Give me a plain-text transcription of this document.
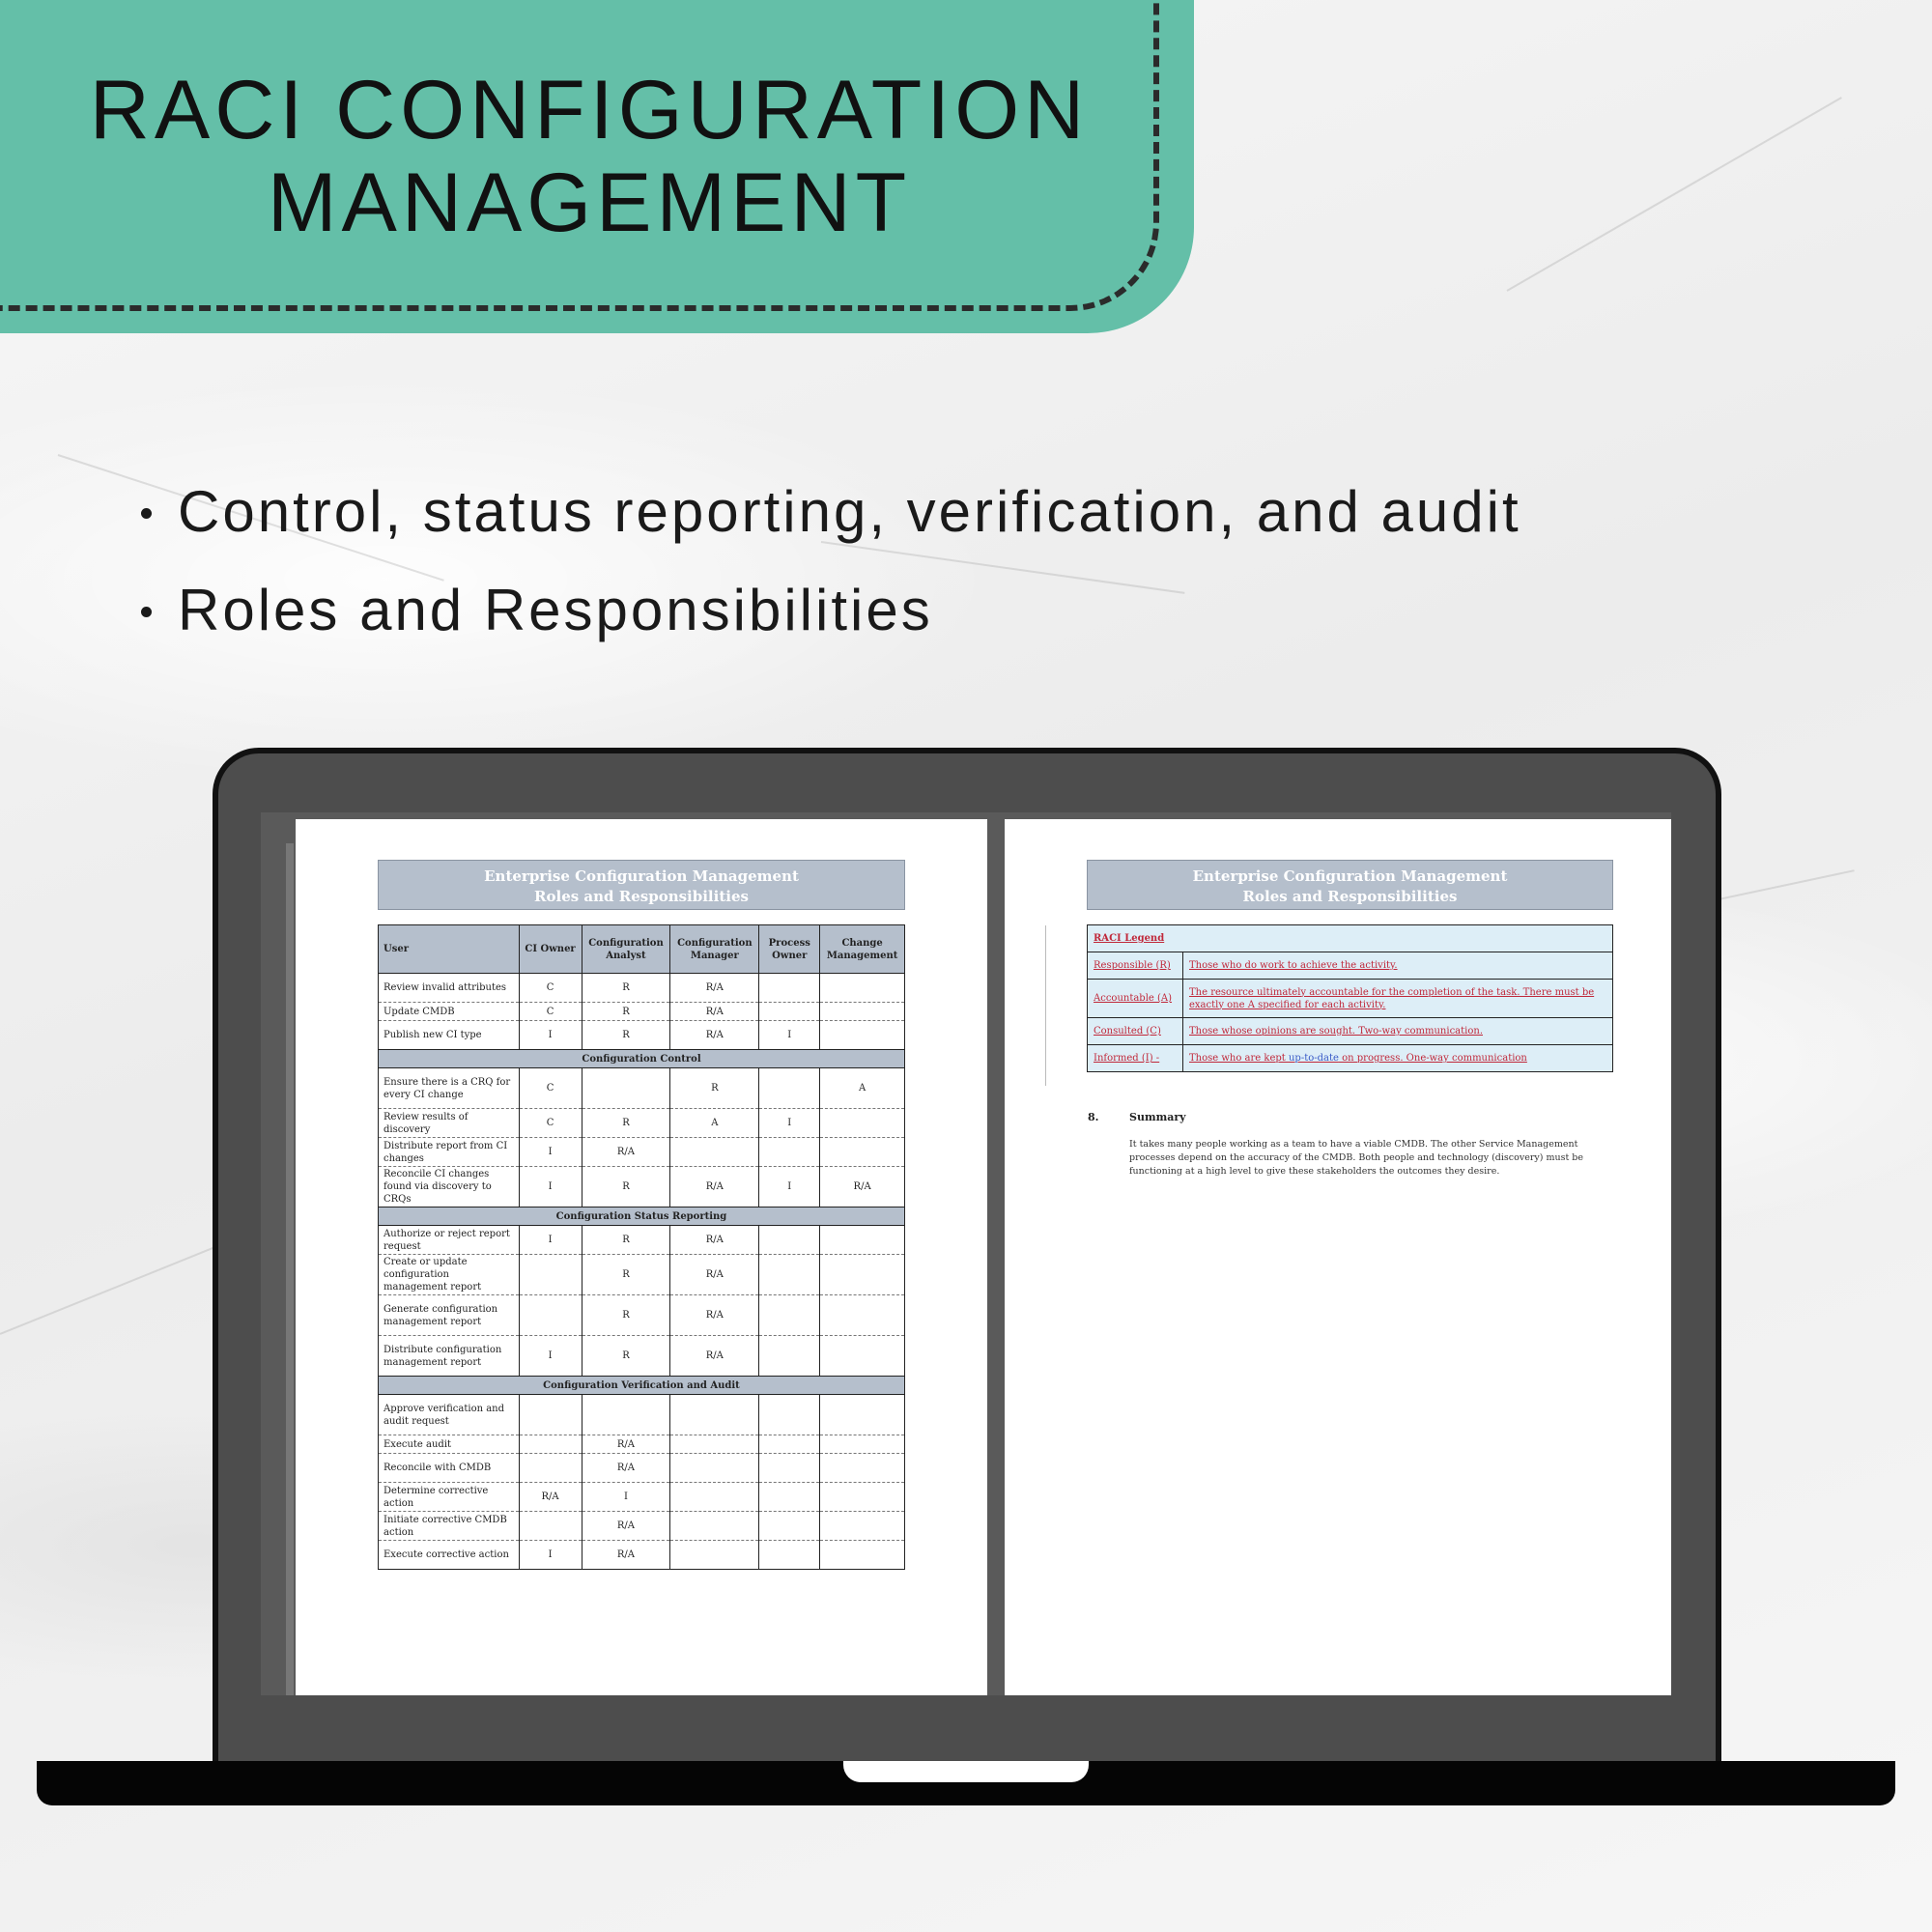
RACI CONFIGURATION
MANAGEMENT
Control, status reporting, verification, and audit
Roles and Responsibilities
Enterprise Configuration Management
Roles and Responsibilities
User	CI Owner	Configuration Analyst	Configuration Manager	Process Owner	Change Management
Review invalid attributes	C	R	R/A		
Update CMDB	C	R	R/A		
Publish new CI type	I	R	R/A	I	
Configuration Control					
Ensure there is a CRQ for every CI change	C		R		A
Review results of discovery	C	R	A	I	
Distribute report from CI changes	I	R/A			
Reconcile CI changes found via discovery to CRQs	I	R	R/A	I	R/A
Configuration Status Reporting					
Authorize or reject report request	I	R	R/A		
Create or update configuration management report		R	R/A		
Generate configuration management report		R	R/A		
Distribute configuration management report	I	R	R/A		
Configuration Verification and Audit					
Approve verification and audit request					
Execute audit		R/A			
Reconcile with CMDB		R/A			
Determine corrective action	R/A	I			
Initiate corrective CMDB action		R/A			
Execute corrective action	I	R/A			
Enterprise Configuration Management
Roles and Responsibilities
RACI Legend	
Responsible (R)	Those who do work to achieve the activity.
Accountable (A)	The resource ultimately accountable for the completion of the task. There must be exactly one A specified for each activity.
Consulted (C)	Those whose opinions are sought. Two-way communication.
Informed (I) -	Those who are kept up-to-date on progress. One-way communication
8.	Summary
It takes many people working as a team to have a viable CMDB. The other Service Management processes depend on the accuracy of the CMDB. Both people and technology (discovery) must be functioning at a high level to give these stakeholders the outcomes they desire.
